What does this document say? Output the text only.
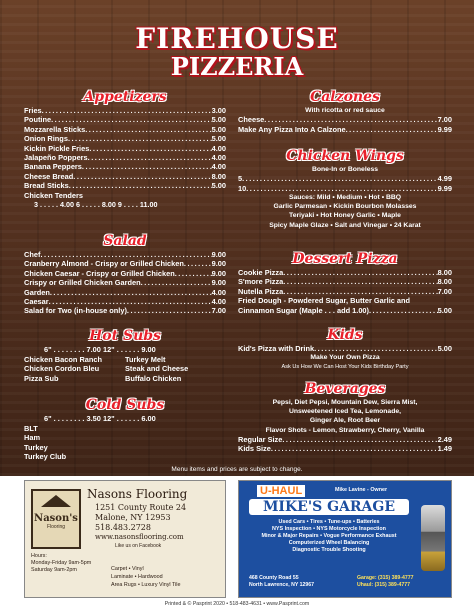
FIREHOUSE
PIZZERIA
Appetizers
Fries .....	3.00
Poutine .....	5.00
Mozzarella Sticks .....	5.00
Onion Rings .....	5.00
Kickin Pickle Fries .....	4.00
Jalapeño Poppers .....	4.00
Banana Peppers .....	4.00
Cheese Bread .....	8.00
Bread Sticks .....	5.00
Chicken Tenders
3 . . . . . 4.00 6 . . . . . 8.00 9 . . . . 11.00
Salad
Chef .....	9.00
Cranberry Almond - Crispy or Grilled Chicken .....	9.00
Chicken Caesar - Crispy or Grilled Chicken .....	9.00
Crispy or Grilled Chicken Garden .....	9.00
Garden .....	4.00
Caesar .....	4.00
Salad for Two (in-house only) .....	7.00
Hot Subs
6" . . . . . . . . 7.00 12" . . . . . . 9.00
Chicken Bacon Ranch	Turkey Melt
Chicken Cordon Bleu	Steak and Cheese
Pizza Sub	Buffalo Chicken
Cold Subs
6" . . . . . . . . 3.50 12" . . . . . . 6.00
BLT
Ham
Turkey
Turkey Club
Calzones
With ricotta or red sauce
Cheese .....	7.00
Make Any Pizza Into A Calzone .....	9.99
Chicken Wings
Bone-In or Boneless
5 .....	4.99
10 .....	9.99
Sauces: Mild • Medium • Hot • BBQ
Garlic Parmesan • Kickin Bourbon Molasses
Teriyaki • Hot Honey Garlic • Maple
Spicy Maple Glaze • Salt and Vinegar • 24 Karat
Dessert Pizza
Cookie Pizza .....	8.00
S'more Pizza .....	8.00
Nutella Pizza .....	7.00
Fried Dough - Powdered Sugar, Butter Garlic and
Cinnamon Sugar (Maple . . . add 1.00) .....	5.00
Kids
Kid's Pizza with Drink .....	5.00
Make Your Own Pizza
Ask Us How We Can Host Your Kids Birthday Party
Beverages
Pepsi, Diet Pepsi, Mountain Dew, Sierra Mist,
Unsweetened Iced Tea, Lemonade,
Ginger Ale, Root Beer
Flavor Shots - Lemon, Strawberry, Cherry, Vanilla
Regular Size .....	2.49
Kids Size .....	1.49
Menu items and prices are subject to change.
Nason's
Flooring
Nasons Flooring
1251 County Route 24
Malone, NY 12953
518.483.2728
www.nasonsflooring.com
Like us on Facebook
Hours:
Monday-Friday 9am-5pm
Saturday 9am-2pm	Carpet • Vinyl
Laminate • Hardwood
Area Rugs • Luxury Vinyl Tile
U-HAUL	Mike Lavine - Owner
MIKE'S GARAGE
Used Cars • Tires • Tune-ups • Batteries
NYS Inspection • NYS Motorcycle Inspection
Minor & Major Repairs • Vogue Performance Exhaust
Computerized Wheel Balancing
Diagnostic Trouble Shooting
468 County Road 55
North Lawrence, NY 12967
Garage: (315) 389-4777
Uhaul: (315) 389-4777
Printed & © Pasprint 2020 • 518-483-4631 • www.Pasprint.com
